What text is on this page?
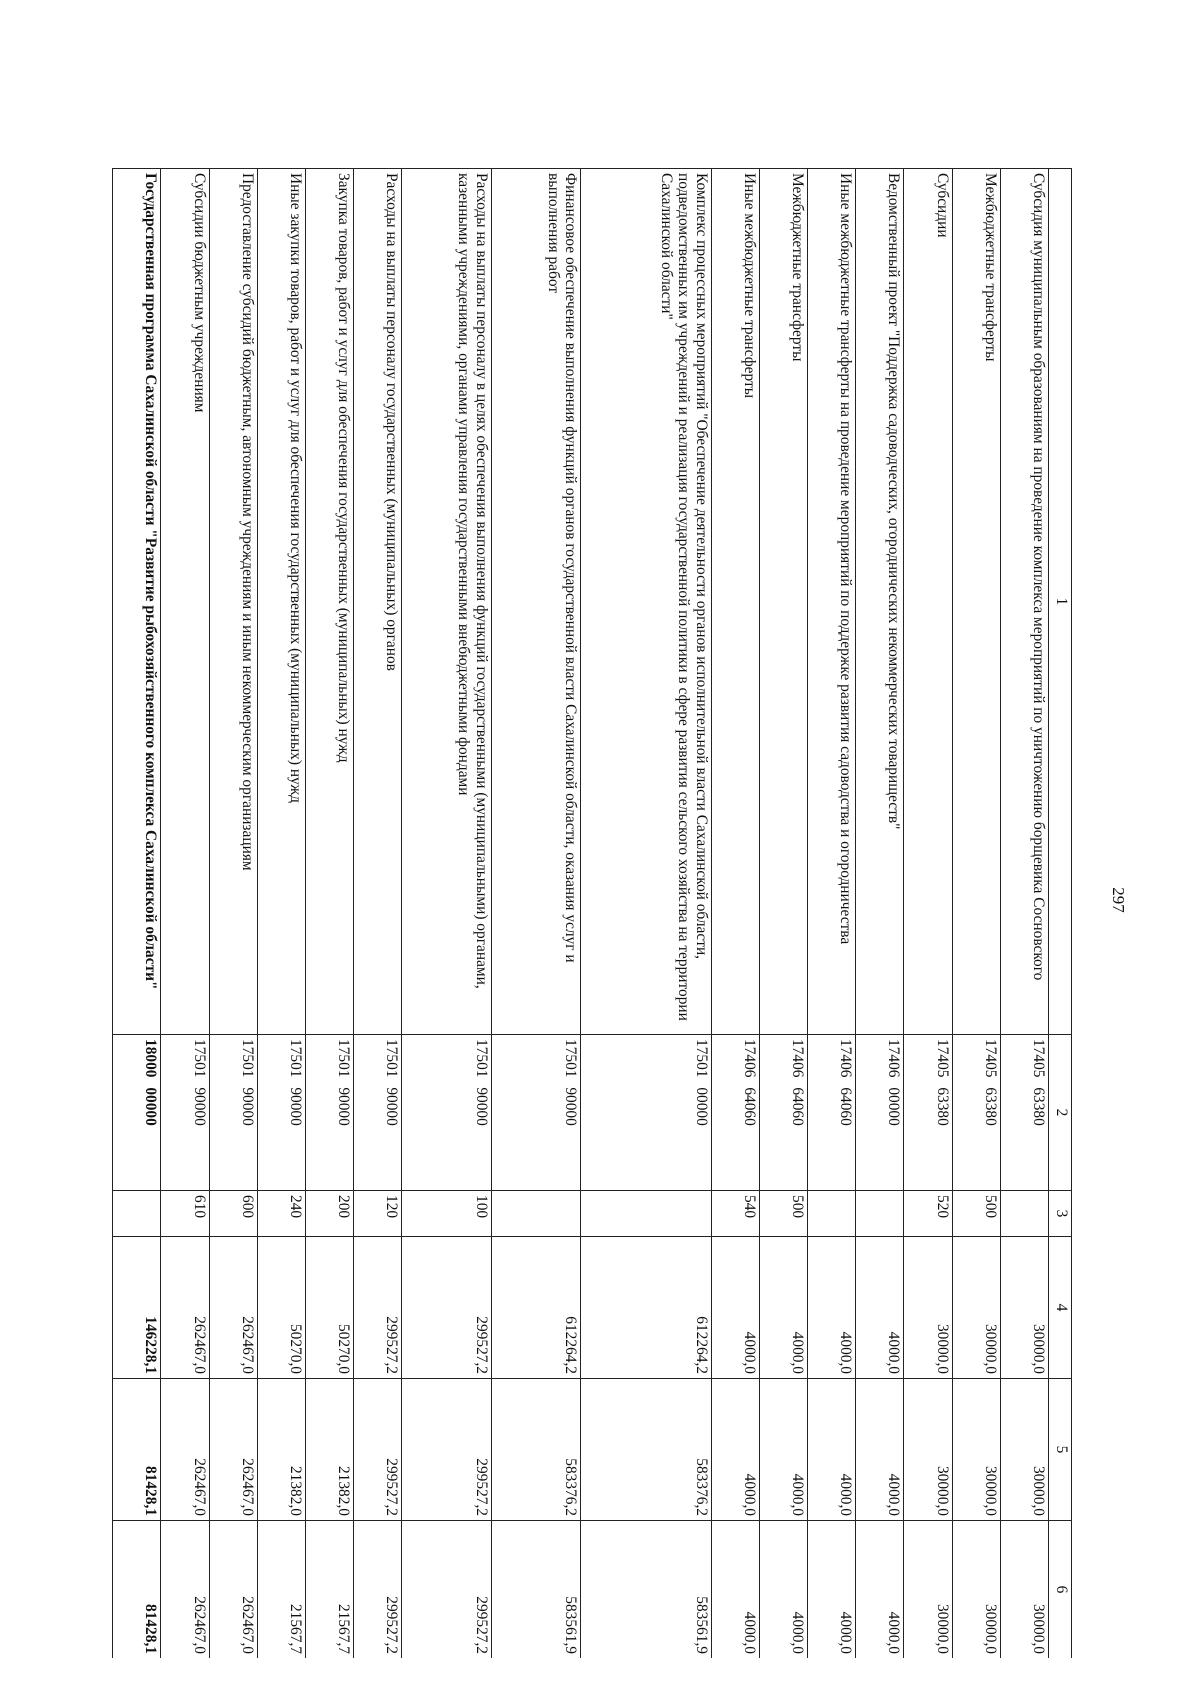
297
1	2	3	4	5	6
Субсидия муниципальным образованиям на проведение комплекса мероприятий по уничтожению борщевика Сосновского	17405 63380		30000,0	30000,0	30000,0
Межбюджетные трансферты	17405 63380	500	30000,0	30000,0	30000,0
Субсидии	17405 63380	520	30000,0	30000,0	30000,0
Ведомственный проект "Поддержка садоводческих, огороднических некоммерческих товариществ"	17406 00000		4000,0	4000,0	4000,0
Иные межбюджетные трансферты на проведение мероприятий по поддержке развития садоводства и огородничества	17406 64060		4000,0	4000,0	4000,0
Межбюджетные трансферты	17406 64060	500	4000,0	4000,0	4000,0
Иные межбюджетные трансферты	17406 64060	540	4000,0	4000,0	4000,0
Комплекс процессных мероприятий "Обеспечение деятельности органов исполнительной власти Сахалинской области, подведомственных им учреждений и реализация государственной политики в сфере развития сельского хозяйства на территории Сахалинской области"	17501 00000		612264,2	583376,2	583561,9
Финансовое обеспечение выполнения функций органов государственной власти Сахалинской области, оказания услуг и выполнения работ	17501 90000		612264,2	583376,2	583561,9
Расходы на выплаты персоналу в целях обеспечения выполнения функций государственными (муниципальными) органами, казенными учреждениями, органами управления государственными внебюджетными фондами	17501 90000	100	299527,2	299527,2	299527,2
Расходы на выплаты персоналу государственных (муниципальных) органов	17501 90000	120	299527,2	299527,2	299527,2
Закупка товаров, работ и услуг для обеспечения государственных (муниципальных) нужд	17501 90000	200	50270,0	21382,0	21567,7
Иные закупки товаров, работ и услуг для обеспечения государственных (муниципальных) нужд	17501 90000	240	50270,0	21382,0	21567,7
Предоставление субсидий бюджетным, автономным учреждениям и иным некоммерческим организациям	17501 90000	600	262467,0	262467,0	262467,0
Субсидии бюджетным учреждениям	17501 90000	610	262467,0	262467,0	262467,0
Государственная программа Сахалинской области "Развитие рыбохозяйственного комплекса Сахалинской области"	18000 00000		146228,1	81428,1	81428,1
